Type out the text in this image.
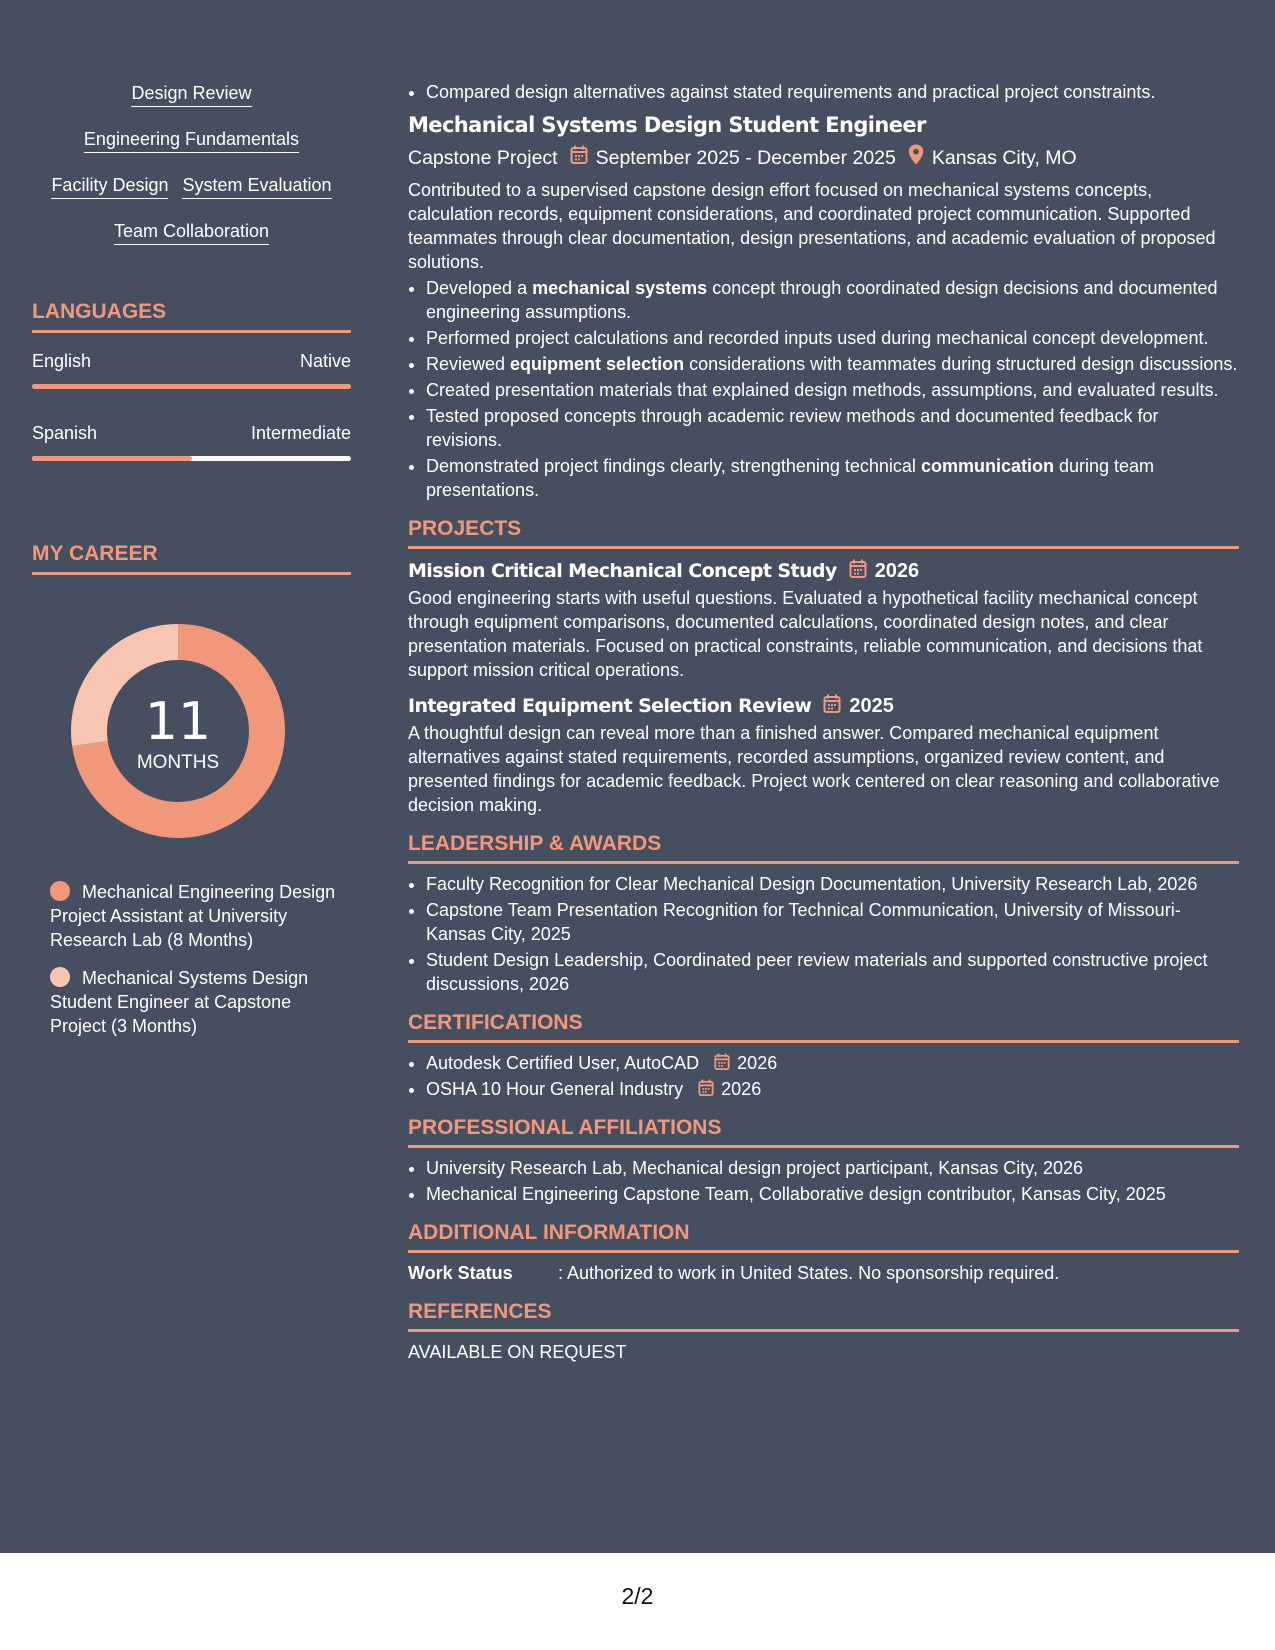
Design Review
Engineering Fundamentals
Facility Design System Evaluation
Team Collaboration
LANGUAGES
English	Native
Spanish	Intermediate
MY CAREER
11
MONTHS
Mechanical Engineering Design Project Assistant at University Research Lab (8 Months)
Mechanical Systems Design Student Engineer at Capstone Project (3 Months)
• Compared design alternatives against stated requirements and practical project constraints.
Mechanical Systems Design Student Engineer
Capstone Project September 2025 - December 2025 Kansas City, MO
Contributed to a supervised capstone design effort focused on mechanical systems concepts, calculation records, equipment considerations, and coordinated project communication. Supported teammates through clear documentation, design presentations, and academic evaluation of proposed solutions.
• Developed a mechanical systems concept through coordinated design decisions and documented engineering assumptions.
• Performed project calculations and recorded inputs used during mechanical concept development.
• Reviewed equipment selection considerations with teammates during structured design discussions.
• Created presentation materials that explained design methods, assumptions, and evaluated results.
• Tested proposed concepts through academic review methods and documented feedback for revisions.
• Demonstrated project findings clearly, strengthening technical communication during team presentations.
PROJECTS
Mission Critical Mechanical Concept Study 2026
Good engineering starts with useful questions. Evaluated a hypothetical facility mechanical concept through equipment comparisons, documented calculations, coordinated design notes, and clear presentation materials. Focused on practical constraints, reliable communication, and decisions that support mission critical operations.
Integrated Equipment Selection Review 2025
A thoughtful design can reveal more than a finished answer. Compared mechanical equipment alternatives against stated requirements, recorded assumptions, organized review content, and presented findings for academic feedback. Project work centered on clear reasoning and collaborative decision making.
LEADERSHIP & AWARDS
• Faculty Recognition for Clear Mechanical Design Documentation, University Research Lab, 2026
• Capstone Team Presentation Recognition for Technical Communication, University of Missouri-Kansas City, 2025
• Student Design Leadership, Coordinated peer review materials and supported constructive project discussions, 2026
CERTIFICATIONS
• Autodesk Certified User, AutoCAD 2026
• OSHA 10 Hour General Industry 2026
PROFESSIONAL AFFILIATIONS
• University Research Lab, Mechanical design project participant, Kansas City, 2026
• Mechanical Engineering Capstone Team, Collaborative design contributor, Kansas City, 2025
ADDITIONAL INFORMATION
Work Status	: Authorized to work in United States. No sponsorship required.
REFERENCES
AVAILABLE ON REQUEST
2/2
